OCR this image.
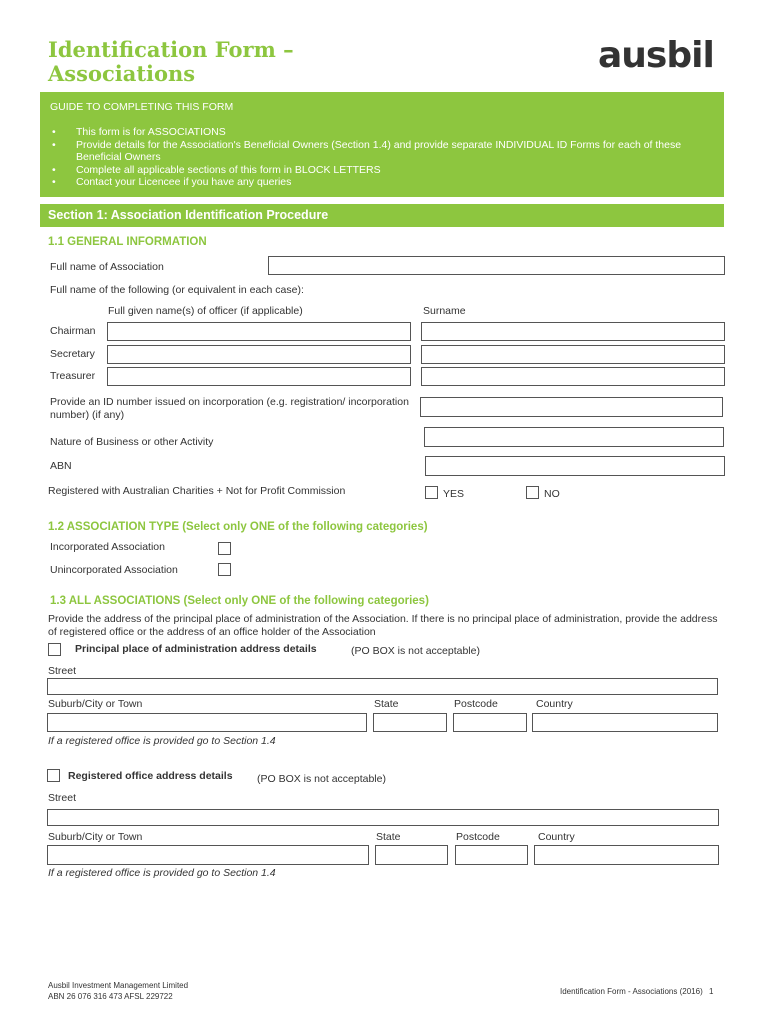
Identification Form –
Associations	ausbil
GUIDE TO COMPLETING THIS FORM
• This form is for ASSOCIATIONS
• Provide details for the Association's Beneficial Owners (Section 1.4) and provide separate INDIVIDUAL ID Forms for each of these Beneficial Owners
• Complete all applicable sections of this form in BLOCK LETTERS
• Contact your Licencee if you have any queries
Section 1: Association Identification Procedure
1.1 GENERAL INFORMATION
Full name of Association
Full name of the following (or equivalent in each case):
Full given name(s) of officer (if applicable)	Surname
Chairman
Secretary
Treasurer
Provide an ID number issued on incorporation (e.g. registration/ incorporation number) (if any)
Nature of Business or other Activity
ABN
Registered with Australian Charities + Not for Profit Commission	YES	NO
1.2 ASSOCIATION TYPE (Select only ONE of the following categories)
Incorporated Association
Unincorporated Association
1.3 ALL ASSOCIATIONS (Select only ONE of the following categories)
Provide the address of the principal place of administration of the Association. If there is no principal place of administration, provide the address of registered office or the address of an office holder of the Association
Principal place of administration address details	(PO BOX is not acceptable)
Street
Suburb/City or Town	State	Postcode	Country
If a registered office is provided go to Section 1.4
Registered office address details (PO BOX is not acceptable)
Street
Suburb/City or Town	State	Postcode	Country
If a registered office is provided go to Section 1.4
Ausbil Investment Management Limited
ABN 26 076 316 473 AFSL 229722
Identification Form - Associations (2016) 1
